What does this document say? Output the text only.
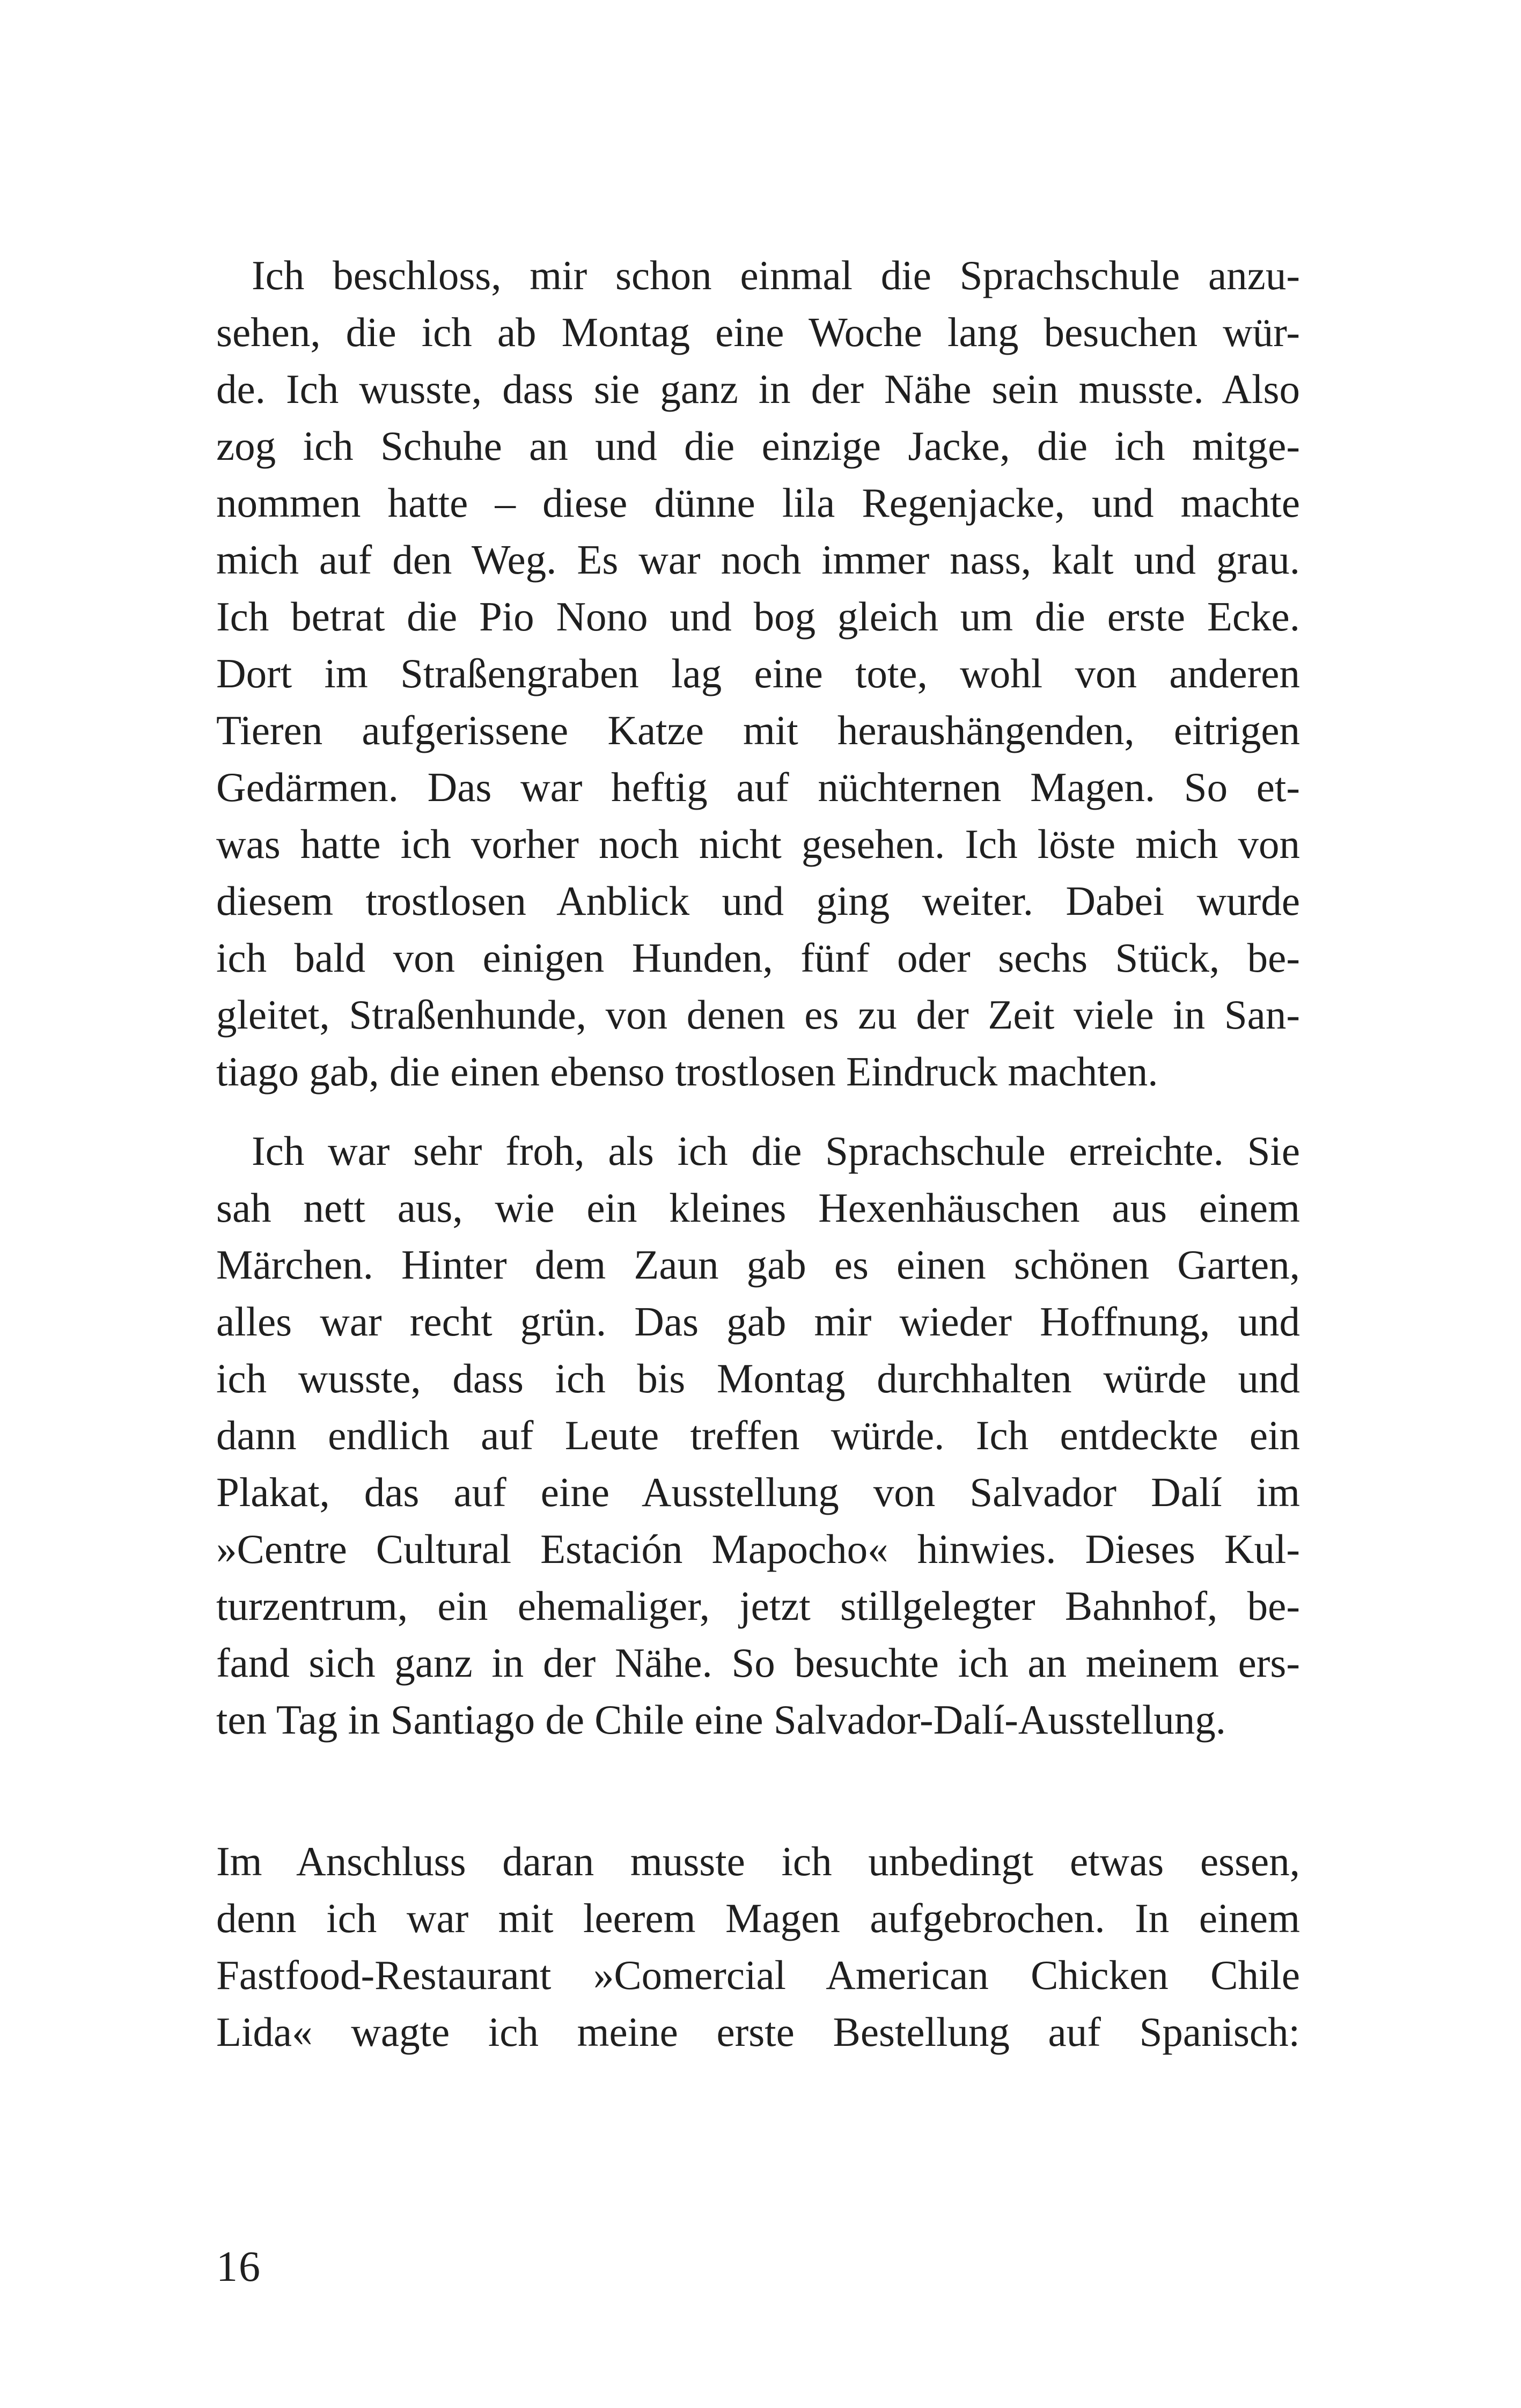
Ich beschloss, mir schon einmal die Sprachschule anzu-
sehen, die ich ab Montag eine Woche lang besuchen wür-
de. Ich wusste, dass sie ganz in der Nähe sein musste. Also
zog ich Schuhe an und die einzige Jacke, die ich mitge-
nommen hatte – diese dünne lila Regenjacke, und machte
mich auf den Weg. Es war noch immer nass, kalt und grau.
Ich betrat die Pio Nono und bog gleich um die erste Ecke.
Dort im Straßengraben lag eine tote, wohl von anderen
Tieren aufgerissene Katze mit heraushängenden, eitrigen
Gedärmen. Das war heftig auf nüchternen Magen. So et-
was hatte ich vorher noch nicht gesehen. Ich löste mich von
diesem trostlosen Anblick und ging weiter. Dabei wurde
ich bald von einigen Hunden, fünf oder sechs Stück, be-
gleitet, Straßenhunde, von denen es zu der Zeit viele in San-
tiago gab, die einen ebenso trostlosen Eindruck machten.
Ich war sehr froh, als ich die Sprachschule erreichte. Sie
sah nett aus, wie ein kleines Hexenhäuschen aus einem
Märchen. Hinter dem Zaun gab es einen schönen Garten,
alles war recht grün. Das gab mir wieder Hoffnung, und
ich wusste, dass ich bis Montag durchhalten würde und
dann endlich auf Leute treffen würde. Ich entdeckte ein
Plakat, das auf eine Ausstellung von Salvador Dalí im
»Centre Cultural Estación Mapocho« hinwies. Dieses Kul-
turzentrum, ein ehemaliger, jetzt stillgelegter Bahnhof, be-
fand sich ganz in der Nähe. So besuchte ich an meinem ers-
ten Tag in Santiago de Chile eine Salvador-Dalí-Ausstellung.
Im Anschluss daran musste ich unbedingt etwas essen,
denn ich war mit leerem Magen aufgebrochen. In einem
Fastfood-Restaurant »Comercial American Chicken Chile
Lida« wagte ich meine erste Bestellung auf Spanisch:
16
